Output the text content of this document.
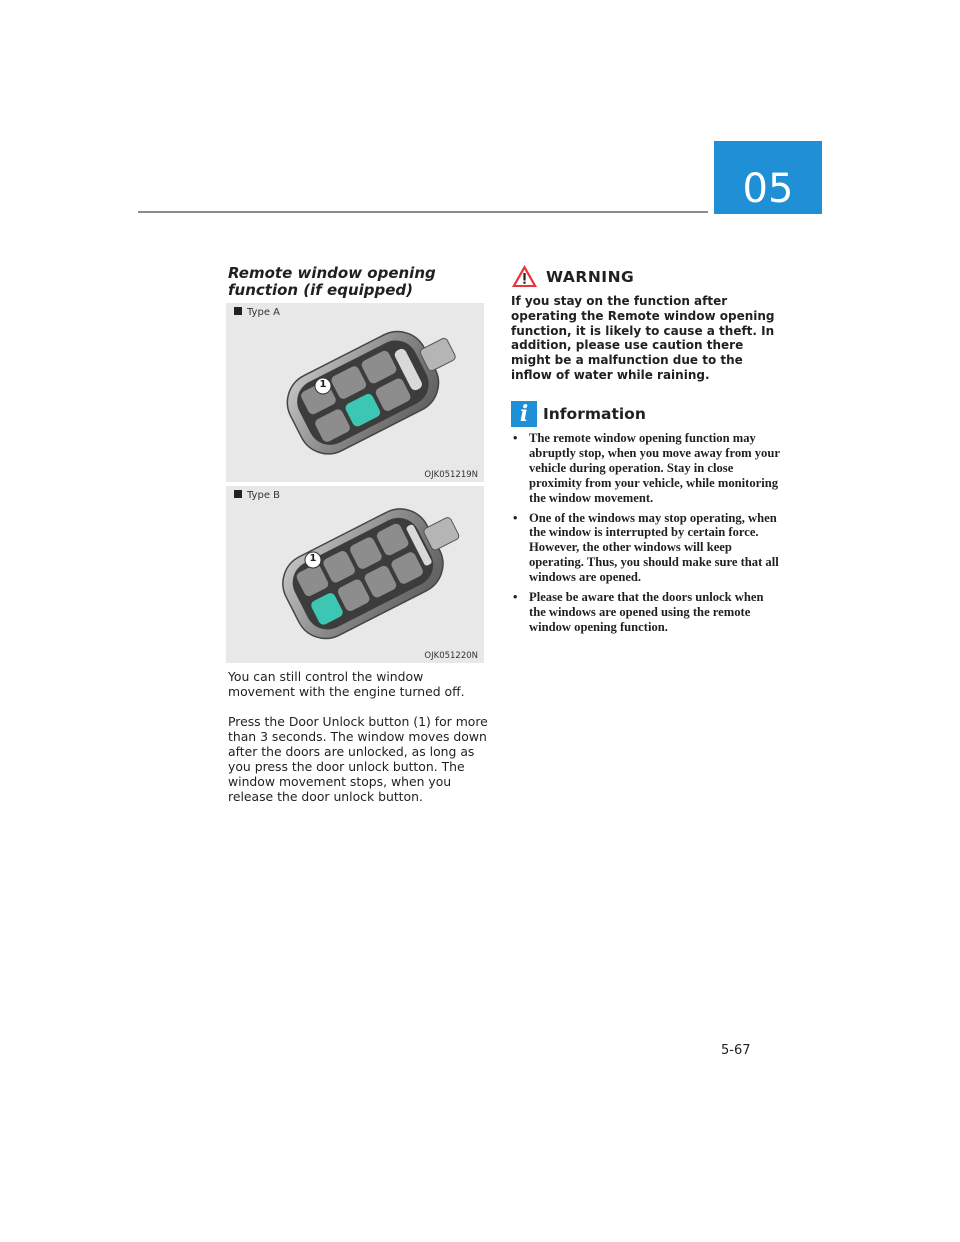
05
Remote window opening function (if equipped)
Type A
1
OJK051219N
Type B
1
OJK051220N

You can still control the window movement with the engine turned off.

Press the Door Unlock button (1) for more than 3 seconds. The window moves down after the doors are unlocked, as long as you press the door unlock button. The window movement stops, when you release the door unlock button.

WARNING

If you stay on the function after operating the Remote window opening function, it is likely to cause a theft. In addition, please use caution there might be a malfunction due to the inflow of water while raining.

i Information
• The remote window opening function may abruptly stop, when you move away from your vehicle during operation. Stay in close proximity from your vehicle, while monitoring the window movement.
• One of the windows may stop operating, when the window is interrupted by certain force. However, the other windows will keep operating. Thus, you should make sure that all windows are opened.
• Please be aware that the doors unlock when the windows are opened using the remote window opening function.
5-67
